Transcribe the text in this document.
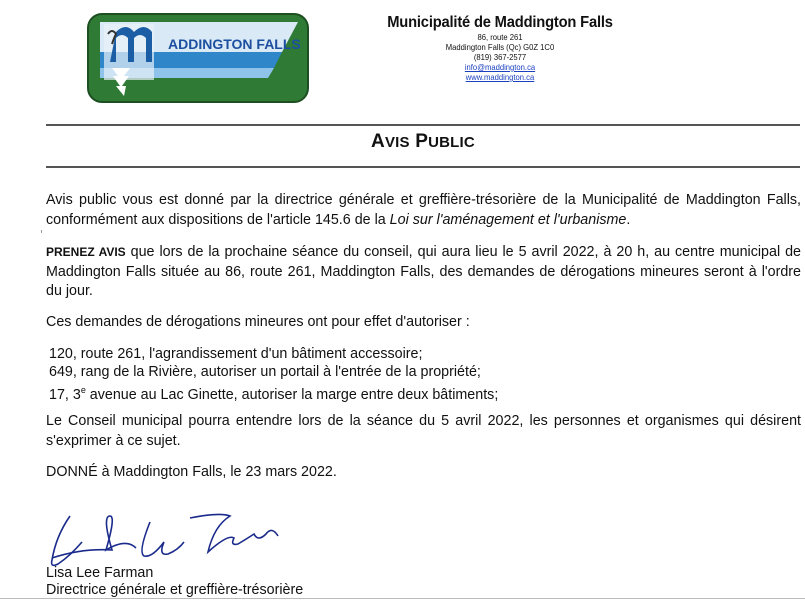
ADDINGTON FALLS
Municipalité de Maddington Falls
86, route 261
Maddington Falls (Qc) G0Z 1C0
(819) 367-2577
info@maddington.ca
www.maddington.ca
AVIS PUBLIC
Avis public vous est donné par la directrice générale et greffière-trésorière de la Municipalité de Maddington Falls, conformément aux dispositions de l'article 145.6 de la Loi sur l'aménagement et l'urbanisme.
PRENEZ AVIS que lors de la prochaine séance du conseil, qui aura lieu le 5 avril 2022, à 20 h, au centre municipal de Maddington Falls située au 86, route 261, Maddington Falls, des demandes de dérogations mineures seront à l'ordre du jour.
Ces demandes de dérogations mineures ont pour effet d'autoriser :
120, route 261, l'agrandissement d'un bâtiment accessoire;
649, rang de la Rivière, autoriser un portail à l'entrée de la propriété;
17, 3e avenue au Lac Ginette, autoriser la marge entre deux bâtiments;
Le Conseil municipal pourra entendre lors de la séance du 5 avril 2022, les personnes et organismes qui désirent s'exprimer à ce sujet.
DONNÉ à Maddington Falls, le 23 mars 2022.
Lisa Lee Farman
Directrice générale et greffière-trésorière
